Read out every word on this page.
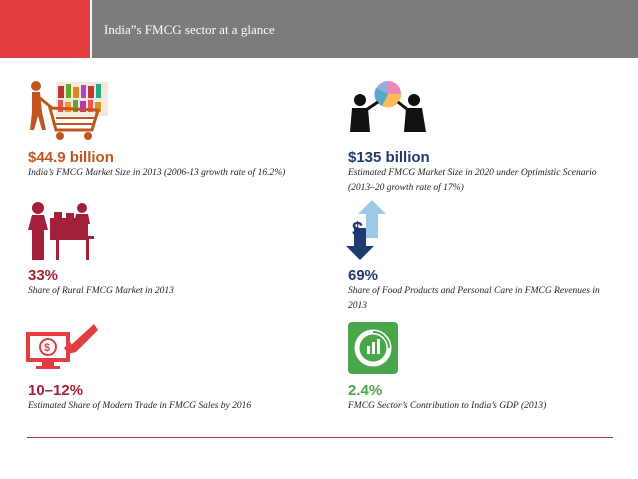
India”s FMCG sector at a glance
$44.9 billion
India’s FMCG Market Size in 2013 (2006-13 growth rate of 16.2%)
$135 billion
Estimated FMCG Market Size in 2020 under Optimistic Scenario (2013–20 growth rate of 17%)
33%
Share of Rural FMCG Market in 2013
$
69%
Share of Food Products and Personal Care in FMCG Revenues in 2013
$
10–12%
Estimated Share of Modern Trade in FMCG Sales by 2016
2.4%
FMCG Sector’s Contribution to India’s GDP (2013)
